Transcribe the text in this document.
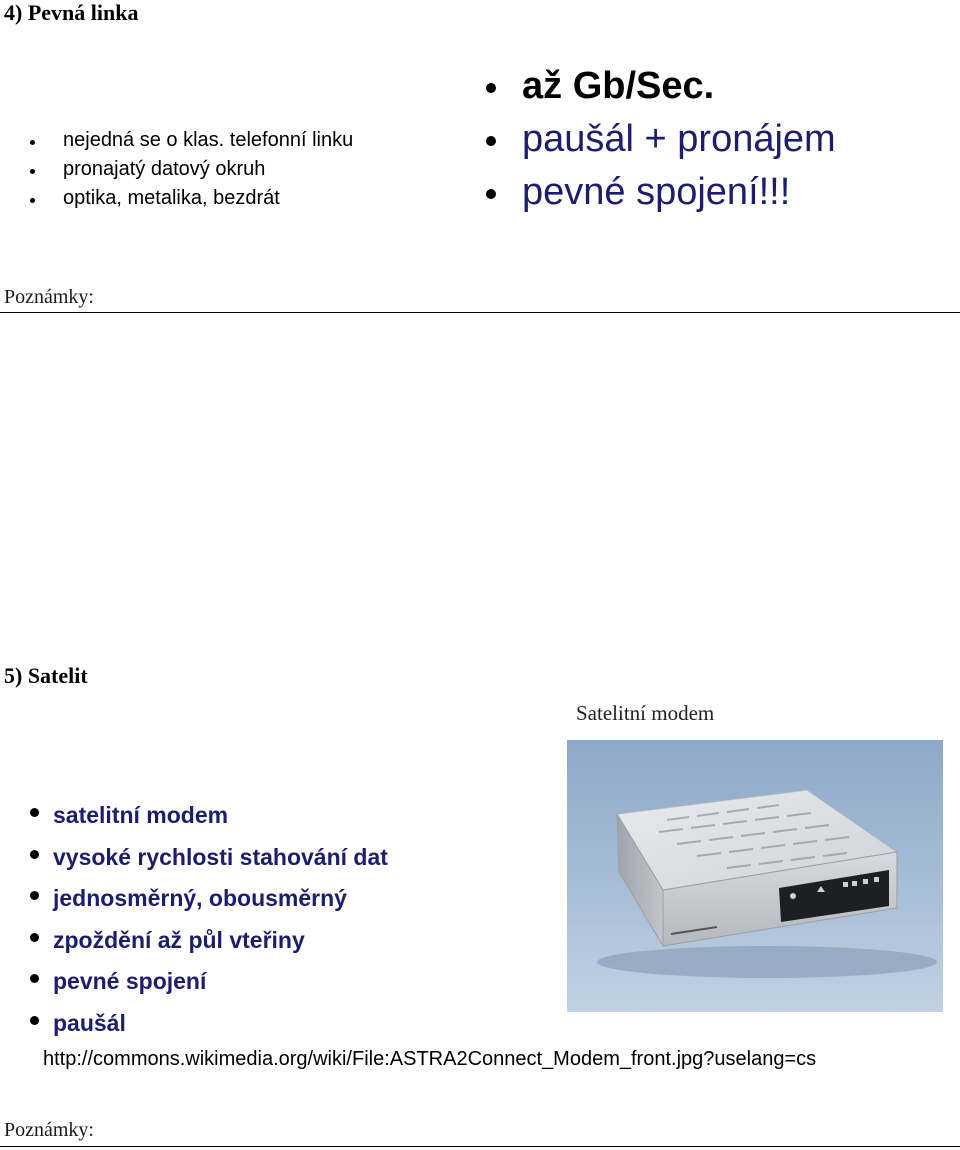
4) Pevná linka
nejedná se o klas. telefonní linku
pronajatý datový okruh
optika, metalika, bezdrát
až Gb/Sec.
paušál + pronájem
pevné spojení!!!
Poznámky:
5) Satelit
Satelitní modem
satelitní modem
vysoké rychlosti stahování dat
jednosměrný, obousměrný
zpoždění až půl vteřiny
pevné spojení
paušál
http://commons.wikimedia.org/wiki/File:ASTRA2Connect_Modem_front.jpg?uselang=cs
Poznámky:
